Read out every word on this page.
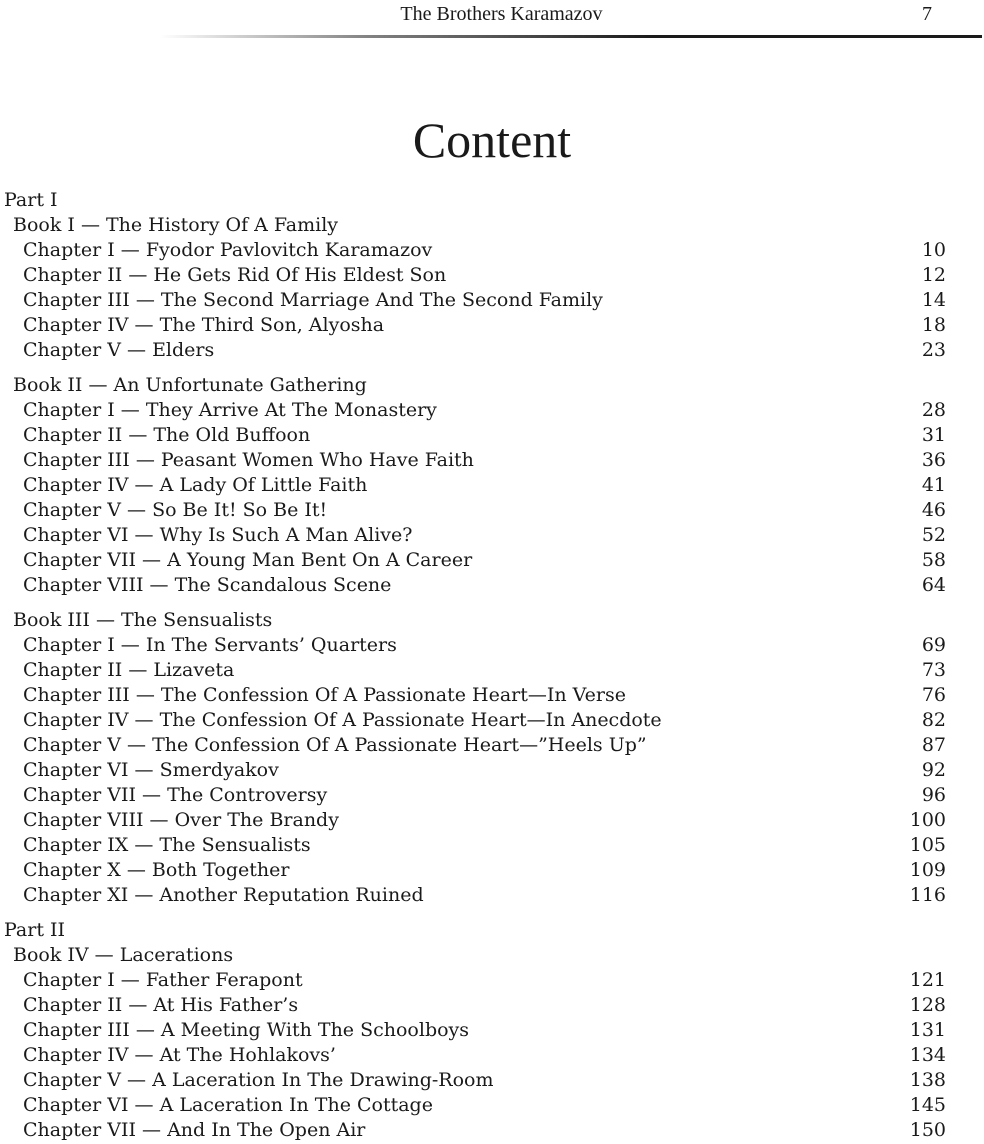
The Brothers Karamazov	7
Content
Part I
Book I — The History Of A Family
Chapter I — Fyodor Pavlovitch Karamazov	10
Chapter II — He Gets Rid Of His Eldest Son	12
Chapter III — The Second Marriage And The Second Family	14
Chapter IV — The Third Son, Alyosha	18
Chapter V — Elders	23
Book II — An Unfortunate Gathering
Chapter I — They Arrive At The Monastery	28
Chapter II — The Old Buffoon	31
Chapter III — Peasant Women Who Have Faith	36
Chapter IV — A Lady Of Little Faith	41
Chapter V — So Be It! So Be It!	46
Chapter VI — Why Is Such A Man Alive?	52
Chapter VII — A Young Man Bent On A Career	58
Chapter VIII — The Scandalous Scene	64
Book III — The Sensualists
Chapter I — In The Servants’ Quarters	69
Chapter II — Lizaveta	73
Chapter III — The Confession Of A Passionate Heart—In Verse	76
Chapter IV — The Confession Of A Passionate Heart—In Anecdote	82
Chapter V — The Confession Of A Passionate Heart—”Heels Up”	87
Chapter VI — Smerdyakov	92
Chapter VII — The Controversy	96
Chapter VIII — Over The Brandy	100
Chapter IX — The Sensualists	105
Chapter X — Both Together	109
Chapter XI — Another Reputation Ruined	116
Part II
Book IV — Lacerations
Chapter I — Father Ferapont	121
Chapter II — At His Father’s	128
Chapter III — A Meeting With The Schoolboys	131
Chapter IV — At The Hohlakovs’	134
Chapter V — A Laceration In The Drawing-Room	138
Chapter VI — A Laceration In The Cottage	145
Chapter VII — And In The Open Air	150
